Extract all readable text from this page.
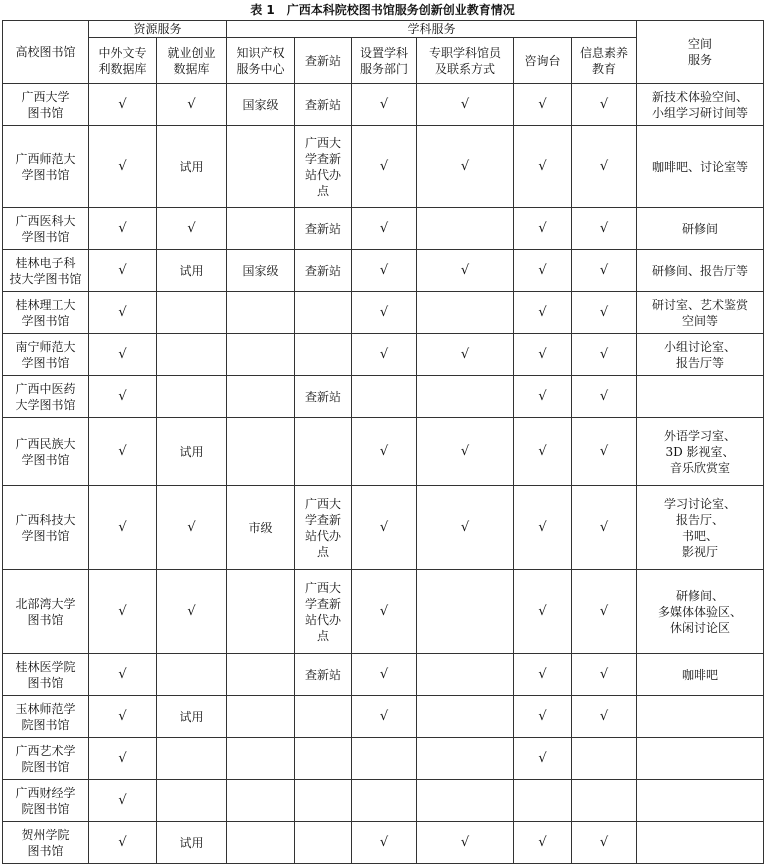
表 1　广西本科院校图书馆服务创新创业教育情况
高校图书馆	资源服务		学科服务						空间
服务
	中外文专
利数据库	就业创业
数据库	知识产权
服务中心	查新站	设置学科
服务部门	专职学科馆员
及联系方式	咨询台	信息素养
教育	
广西大学
图书馆	√	√	国家级	查新站	√	√	√	√	新技术体验空间、
小组学习研讨间等
广西师范大
学图书馆	√	试用		广西大
学查新
站代办
点	√	√	√	√	咖啡吧、讨论室等
广西医科大
学图书馆	√	√		查新站	√		√	√	研修间
桂林电子科
技大学图书馆	√	试用	国家级	查新站	√	√	√	√	研修间、报告厅等
桂林理工大
学图书馆	√				√		√	√	研讨室、艺术鉴赏
空间等
南宁师范大
学图书馆	√				√	√	√	√	小组讨论室、
报告厅等
广西中医药
大学图书馆	√			查新站			√	√	
广西民族大
学图书馆	√	试用			√	√	√	√	外语学习室、
3D 影视室、
音乐欣赏室
广西科技大
学图书馆	√	√	市级	广西大
学查新
站代办
点	√	√	√	√	学习讨论室、
报告厅、
书吧、
影视厅
北部湾大学
图书馆	√	√		广西大
学查新
站代办
点	√		√	√	研修间、
多媒体体验区、
休闲讨论区
桂林医学院
图书馆	√			查新站	√		√	√	咖啡吧
玉林师范学
院图书馆	√	试用			√		√	√	
广西艺术学
院图书馆	√						√		
广西财经学
院图书馆	√								
贺州学院
图书馆	√	试用			√	√	√	√	
